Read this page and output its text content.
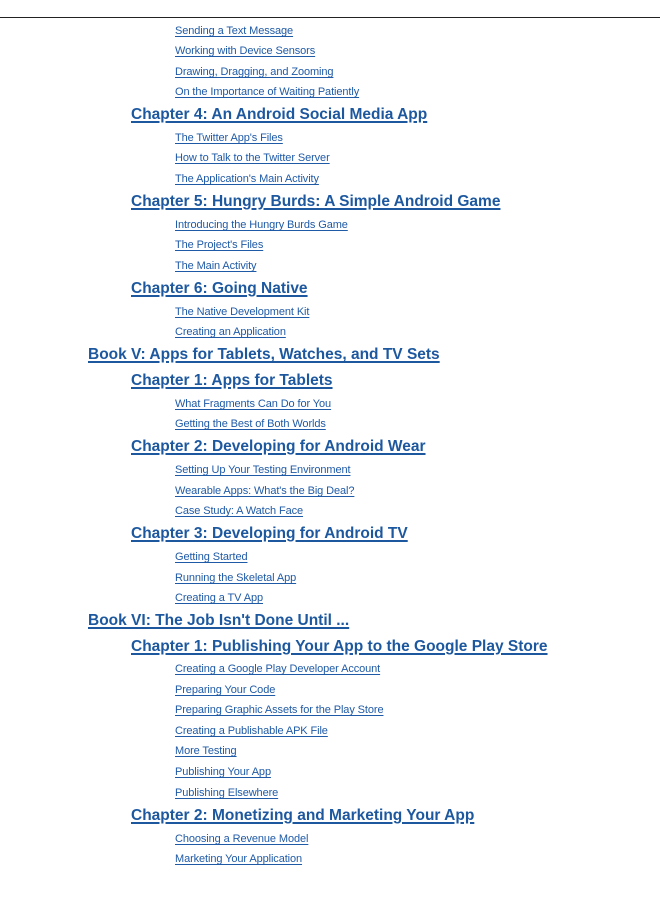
Sending a Text Message
Working with Device Sensors
Drawing, Dragging, and Zooming
On the Importance of Waiting Patiently
Chapter 4: An Android Social Media App
The Twitter App's Files
How to Talk to the Twitter Server
The Application's Main Activity
Chapter 5: Hungry Burds: A Simple Android Game
Introducing the Hungry Burds Game
The Project's Files
The Main Activity
Chapter 6: Going Native
The Native Development Kit
Creating an Application
Book V: Apps for Tablets, Watches, and TV Sets
Chapter 1: Apps for Tablets
What Fragments Can Do for You
Getting the Best of Both Worlds
Chapter 2: Developing for Android Wear
Setting Up Your Testing Environment
Wearable Apps: What's the Big Deal?
Case Study: A Watch Face
Chapter 3: Developing for Android TV
Getting Started
Running the Skeletal App
Creating a TV App
Book VI: The Job Isn't Done Until ...
Chapter 1: Publishing Your App to the Google Play Store
Creating a Google Play Developer Account
Preparing Your Code
Preparing Graphic Assets for the Play Store
Creating a Publishable APK File
More Testing
Publishing Your App
Publishing Elsewhere
Chapter 2: Monetizing and Marketing Your App
Choosing a Revenue Model
Marketing Your Application
